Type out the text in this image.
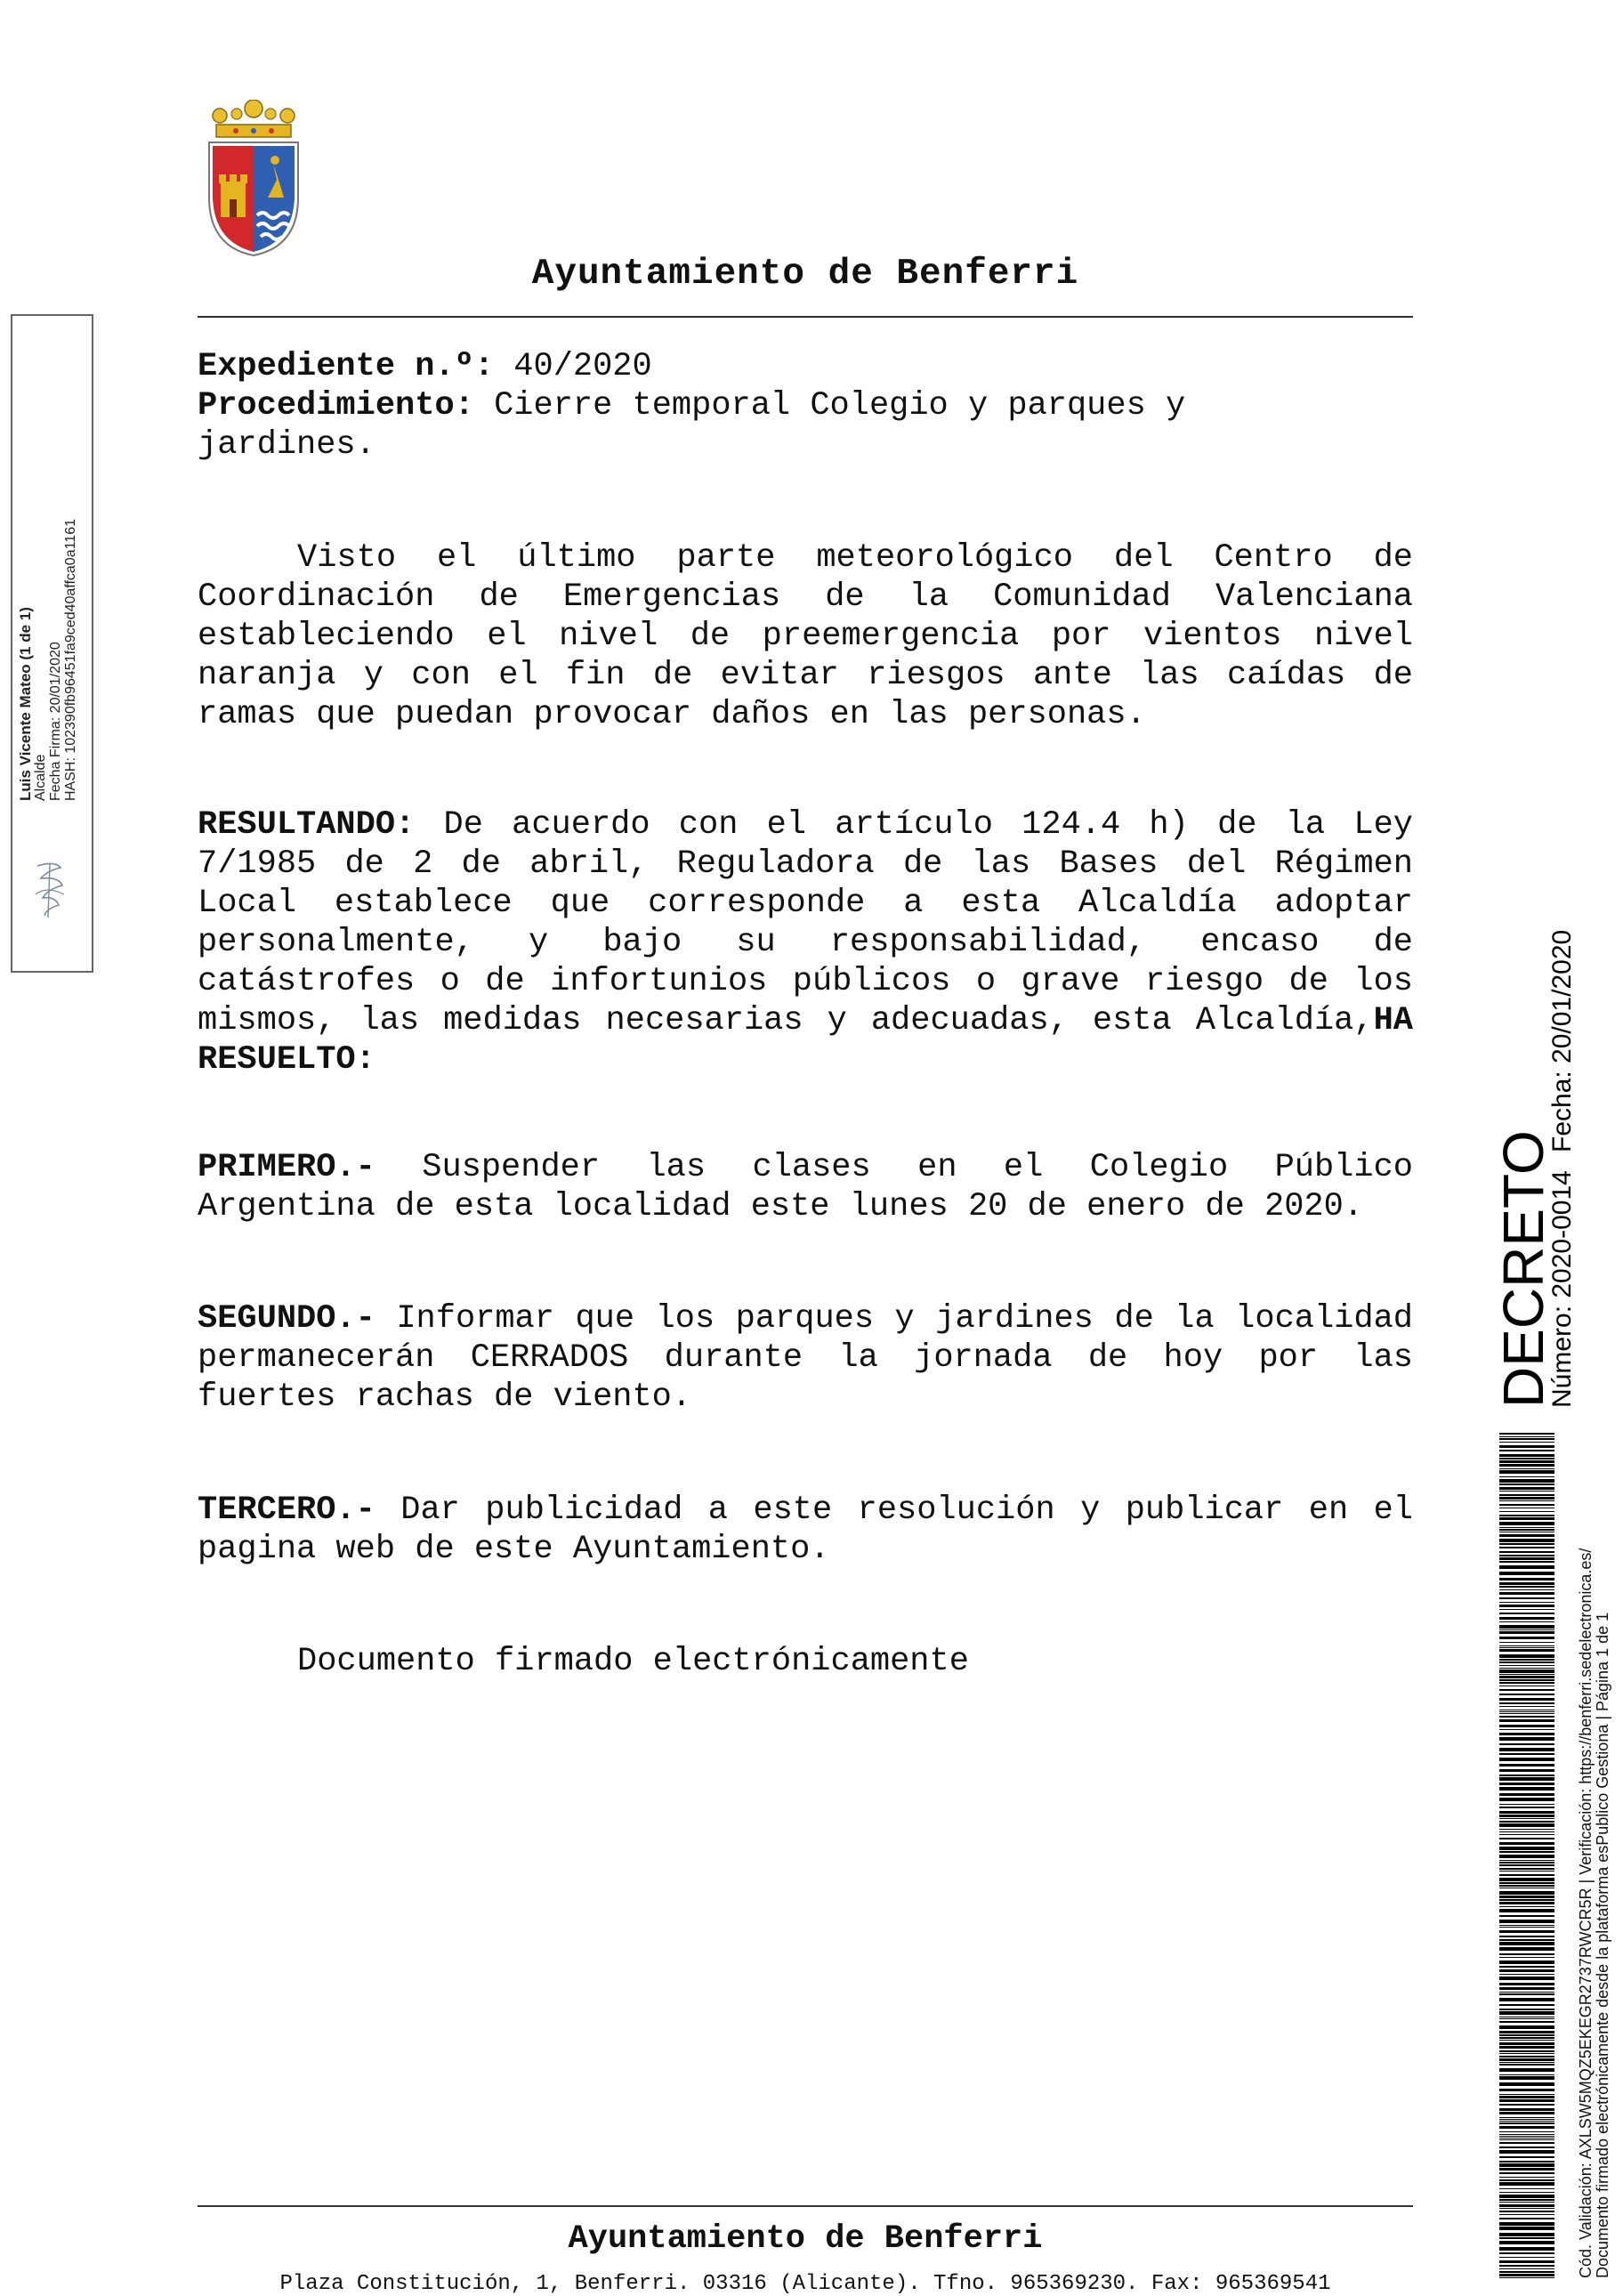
Ayuntamiento de Benferri
Expediente n.º: 40/2020
Procedimiento: Cierre temporal Colegio y parques y jardines.
Visto el último parte meteorológico del Centro de Coordinación de Emergencias de la Comunidad Valenciana estableciendo el nivel de preemergencia por vientos nivel naranja y con el fin de evitar riesgos ante las caídas de ramas que puedan provocar daños en las personas.
RESULTANDO: De acuerdo con el artículo 124.4 h) de la Ley 7/1985 de 2 de abril, Reguladora de las Bases del Régimen Local establece que corresponde a esta Alcaldía adoptar personalmente, y bajo su responsabilidad, encaso de catástrofes o de infortunios públicos o grave riesgo de los mismos, las medidas necesarias y adecuadas, esta Alcaldía,HA RESUELTO:
PRIMERO.- Suspender las clases en el Colegio Público Argentina de esta localidad este lunes 20 de enero de 2020.
SEGUNDO.- Informar que los parques y jardines de la localidad permanecerán CERRADOS durante la jornada de hoy por las fuertes rachas de viento.
TERCERO.- Dar publicidad a este resolución y publicar en el pagina web de este Ayuntamiento.
Documento firmado electrónicamente
Ayuntamiento de Benferri
Plaza Constitución, 1, Benferri. 03316 (Alicante). Tfno. 965369230. Fax: 965369541
Luis Vicente Mateo (1 de 1) Alcalde Fecha Firma: 20/01/2020 HASH: 102390fb96451fa9ced40affca0a1161
DECRETO
Número: 2020-0014
Fecha: 20/01/2020
Cód. Validación: AXLSW5MQZ5EKEGR2737RWCR5R | Verificación: https://benferri.sedelectronica.es/ Documento firmado electrónicamente desde la plataforma esPublico Gestiona | Página 1 de 1
